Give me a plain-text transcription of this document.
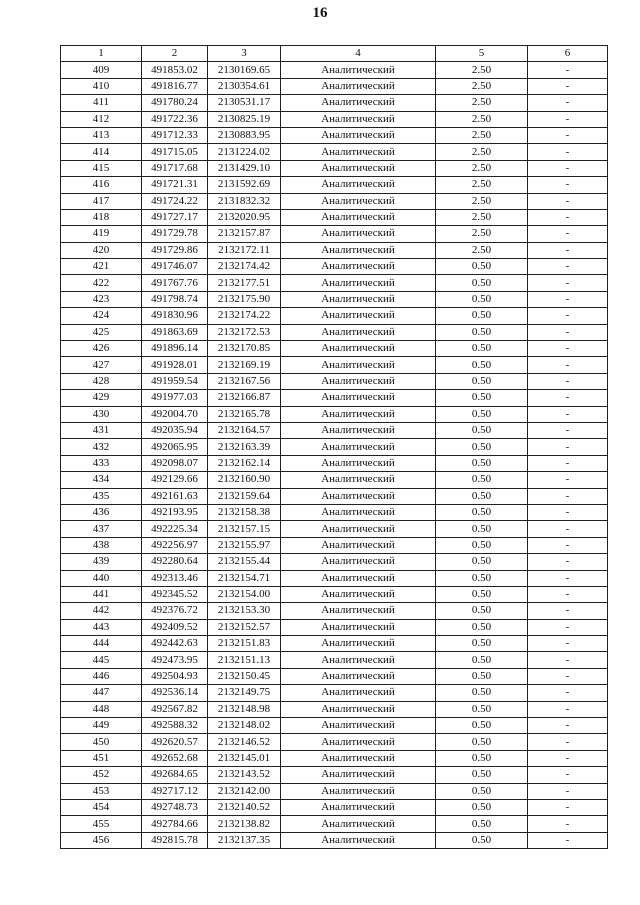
16
1	2	3	4	5	6
409	491853.02	2130169.65	Аналитический	2.50	-
410	491816.77	2130354.61	Аналитический	2.50	-
411	491780.24	2130531.17	Аналитический	2.50	-
412	491722.36	2130825.19	Аналитический	2.50	-
413	491712.33	2130883.95	Аналитический	2.50	-
414	491715.05	2131224.02	Аналитический	2.50	-
415	491717.68	2131429.10	Аналитический	2.50	-
416	491721.31	2131592.69	Аналитический	2.50	-
417	491724.22	2131832.32	Аналитический	2.50	-
418	491727.17	2132020.95	Аналитический	2.50	-
419	491729.78	2132157.87	Аналитический	2.50	-
420	491729.86	2132172.11	Аналитический	2.50	-
421	491746.07	2132174.42	Аналитический	0.50	-
422	491767.76	2132177.51	Аналитический	0.50	-
423	491798.74	2132175.90	Аналитический	0.50	-
424	491830.96	2132174.22	Аналитический	0.50	-
425	491863.69	2132172.53	Аналитический	0.50	-
426	491896.14	2132170.85	Аналитический	0.50	-
427	491928.01	2132169.19	Аналитический	0.50	-
428	491959.54	2132167.56	Аналитический	0.50	-
429	491977.03	2132166.87	Аналитический	0.50	-
430	492004.70	2132165.78	Аналитический	0.50	-
431	492035.94	2132164.57	Аналитический	0.50	-
432	492065.95	2132163.39	Аналитический	0.50	-
433	492098.07	2132162.14	Аналитический	0.50	-
434	492129.66	2132160.90	Аналитический	0.50	-
435	492161.63	2132159.64	Аналитический	0.50	-
436	492193.95	2132158.38	Аналитический	0.50	-
437	492225.34	2132157.15	Аналитический	0.50	-
438	492256.97	2132155.97	Аналитический	0.50	-
439	492280.64	2132155.44	Аналитический	0.50	-
440	492313.46	2132154.71	Аналитический	0.50	-
441	492345.52	2132154.00	Аналитический	0.50	-
442	492376.72	2132153.30	Аналитический	0.50	-
443	492409.52	2132152.57	Аналитический	0.50	-
444	492442.63	2132151.83	Аналитический	0.50	-
445	492473.95	2132151.13	Аналитический	0.50	-
446	492504.93	2132150.45	Аналитический	0.50	-
447	492536.14	2132149.75	Аналитический	0.50	-
448	492567.82	2132148.98	Аналитический	0.50	-
449	492588.32	2132148.02	Аналитический	0.50	-
450	492620.57	2132146.52	Аналитический	0.50	-
451	492652.68	2132145.01	Аналитический	0.50	-
452	492684.65	2132143.52	Аналитический	0.50	-
453	492717.12	2132142.00	Аналитический	0.50	-
454	492748.73	2132140.52	Аналитический	0.50	-
455	492784.66	2132138.82	Аналитический	0.50	-
456	492815.78	2132137.35	Аналитический	0.50	-
